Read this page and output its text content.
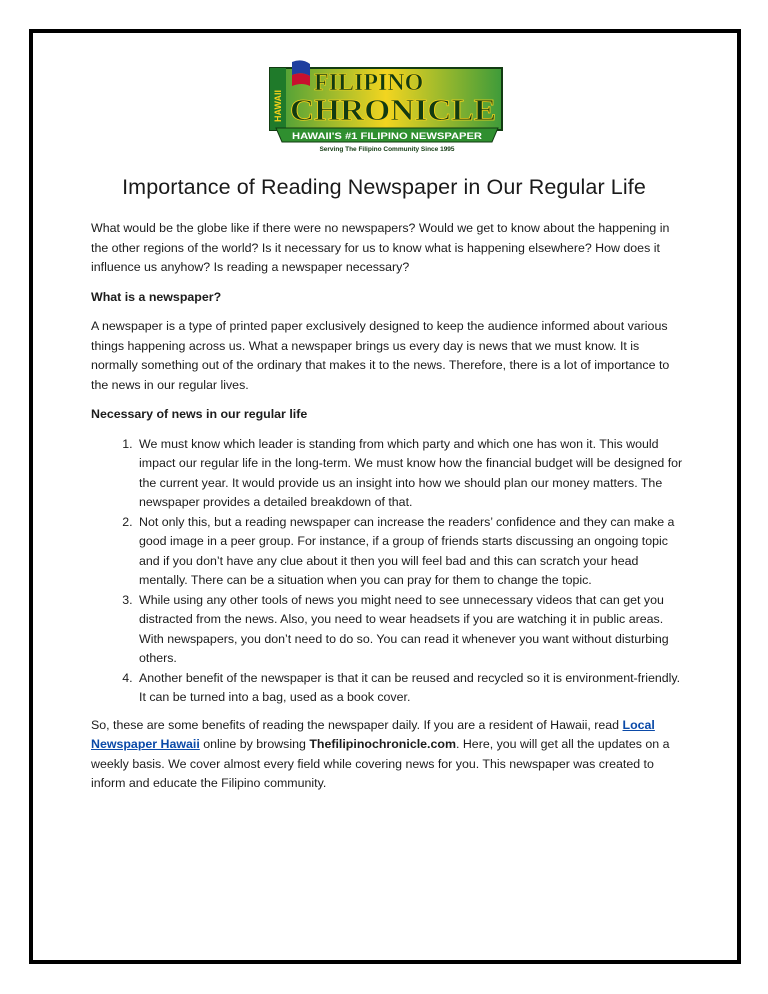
HAWAII
FILIPINO
CHRONICLE
HAWAII'S #1 FILIPINO NEWSPAPER
Serving The Filipino Community Since 1995
Importance of Reading Newspaper in Our Regular Life

What would be the globe like if there were no newspapers? Would we get to know about the happening in the other regions of the world? Is it necessary for us to know what is happening elsewhere? How does it influence us anyhow? Is reading a newspaper necessary?

What is a newspaper?

A newspaper is a type of printed paper exclusively designed to keep the audience informed about various things happening across us. What a newspaper brings us every day is news that we must know. It is normally something out of the ordinary that makes it to the news. Therefore, there is a lot of importance to the news in our regular lives.

Necessary of news in our regular life

1. We must know which leader is standing from which party and which one has won it. This would impact our regular life in the long-term. We must know how the financial budget will be designed for the current year. It would provide us an insight into how we should plan our money matters. The newspaper provides a detailed breakdown of that.
2. Not only this, but a reading newspaper can increase the readers’ confidence and they can make a good image in a peer group. For instance, if a group of friends starts discussing an ongoing topic and if you don’t have any clue about it then you will feel bad and this can scratch your head mentally. There can be a situation when you can pray for them to change the topic.
3. While using any other tools of news you might need to see unnecessary videos that can get you distracted from the news. Also, you need to wear headsets if you are watching it in public areas. With newspapers, you don’t need to do so. You can read it whenever you want without disturbing others.
4. Another benefit of the newspaper is that it can be reused and recycled so it is environment-friendly. It can be turned into a bag, used as a book cover.

So, these are some benefits of reading the newspaper daily. If you are a resident of Hawaii, read Local Newspaper Hawaii online by browsing Thefilipinochronicle.com. Here, you will get all the updates on a weekly basis. We cover almost every field while covering news for you. This newspaper was created to inform and educate the Filipino community.
